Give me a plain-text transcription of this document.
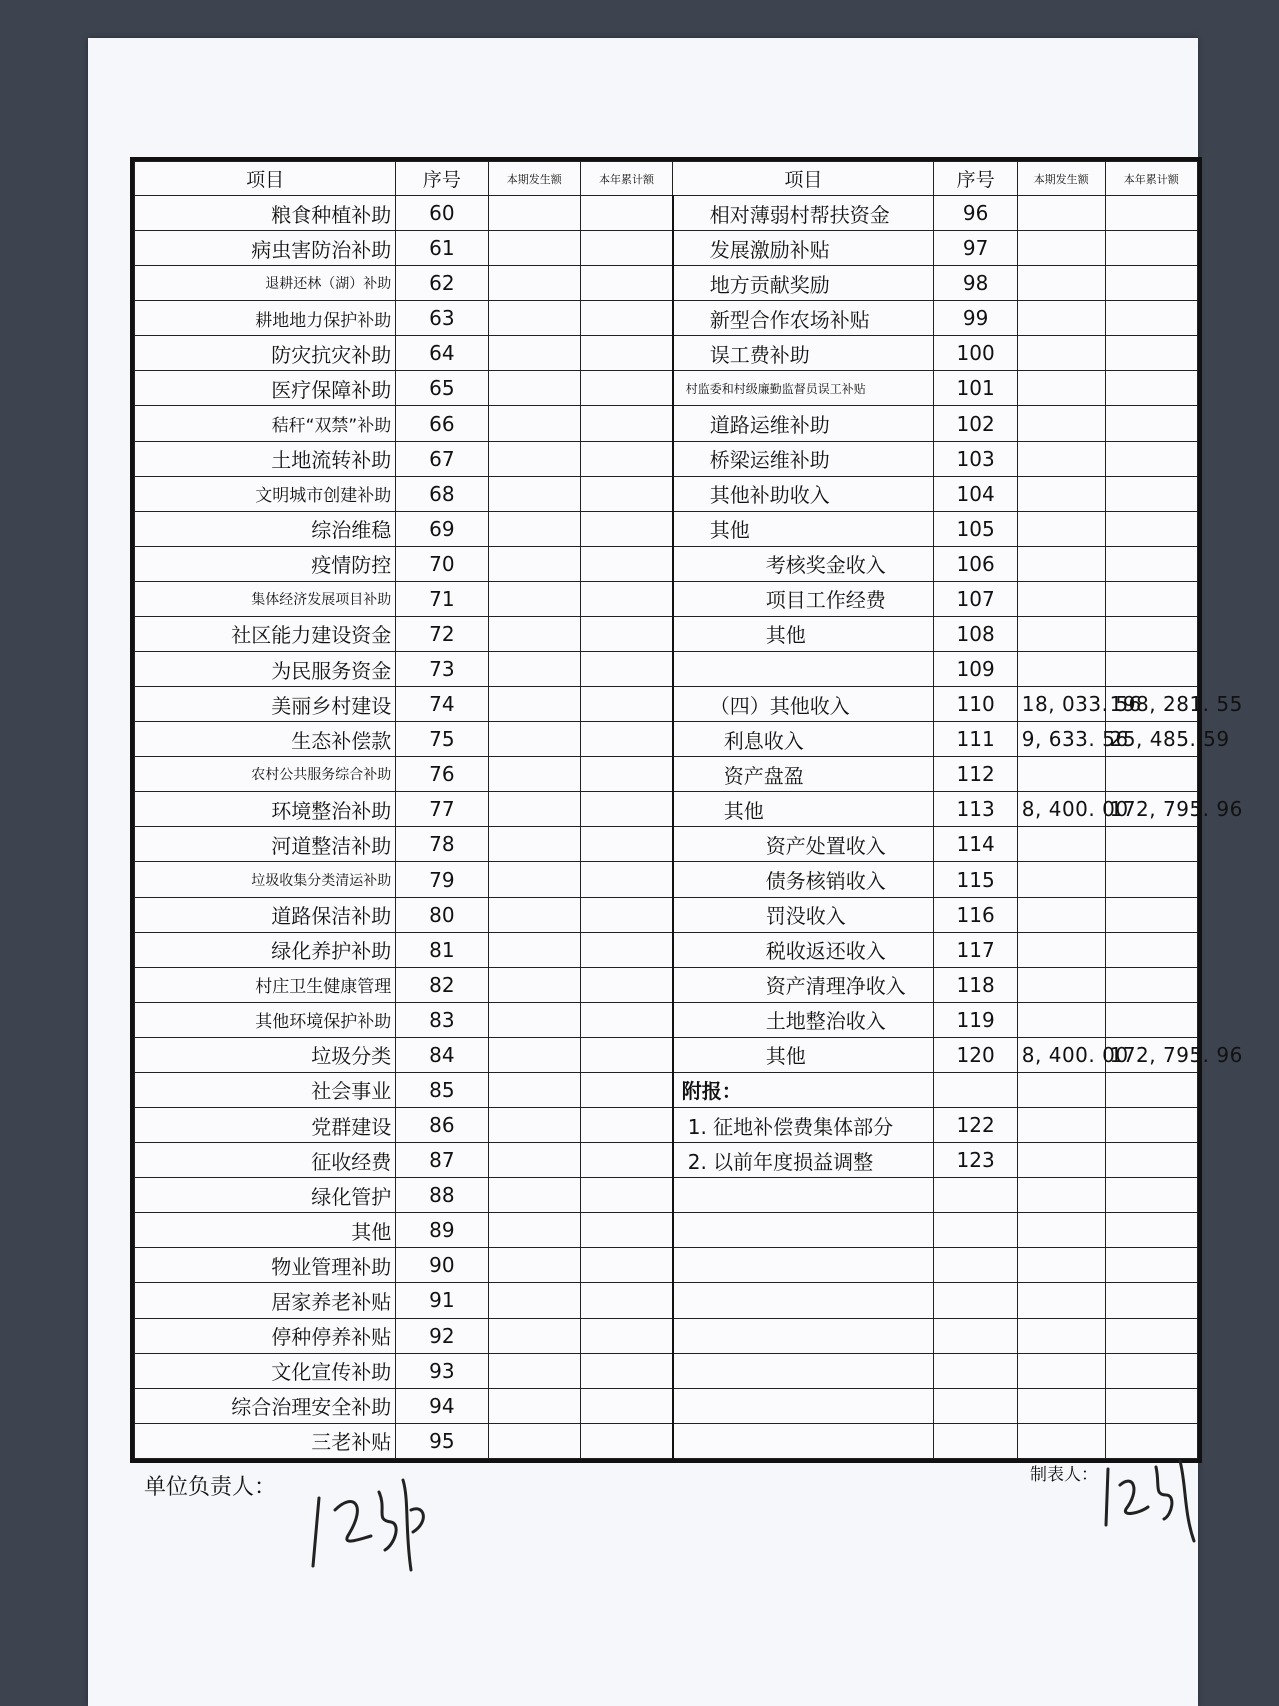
项目	序号	本期发生额	本年累计额	项目	序号	本期发生额	本年累计额
粮食种植补助	60			相对薄弱村帮扶资金	96		
病虫害防治补助	61			发展激励补贴	97		
退耕还林（湖）补助	62			地方贡献奖励	98		
耕地地力保护补助	63			新型合作农场补贴	99		
防灾抗灾补助	64			误工费补助	100		
医疗保障补助	65			村监委和村级廉勤监督员误工补贴	101		
秸秆“双禁”补助	66			道路运维补助	102		
土地流转补助	67			桥梁运维补助	103		
文明城市创建补助	68			其他补助收入	104		
综治维稳	69			其他	105		
疫情防控	70			考核奖金收入	106		
集体经济发展项目补助	71			项目工作经费	107		
社区能力建设资金	72			其他	108		
为民服务资金	73				109		
美丽乡村建设	74			（四）其他收入	110	18, 033. 56	198, 281. 55
生态补偿款	75			利息收入	111	9, 633. 56	25, 485. 59
农村公共服务综合补助	76			资产盘盈	112		
环境整治补助	77			其他	113	8, 400. 00	172, 795. 96
河道整洁补助	78			资产处置收入	114		
垃圾收集分类清运补助	79			债务核销收入	115		
道路保洁补助	80			罚没收入	116		
绿化养护补助	81			税收返还收入	117		
村庄卫生健康管理	82			资产清理净收入	118		
其他环境保护补助	83			土地整治收入	119		
垃圾分类	84			其他	120	8, 400. 00	172, 795. 96
社会事业	85			附报：			
党群建设	86			1. 征地补偿费集体部分	122		
征收经费	87			2. 以前年度损益调整	123		
绿化管护	88						
其他	89						
物业管理补助	90						
居家养老补贴	91						
停种停养补贴	92						
文化宣传补助	93						
综合治理安全补助	94						
三老补贴	95						
单位负责人：	制表人：
